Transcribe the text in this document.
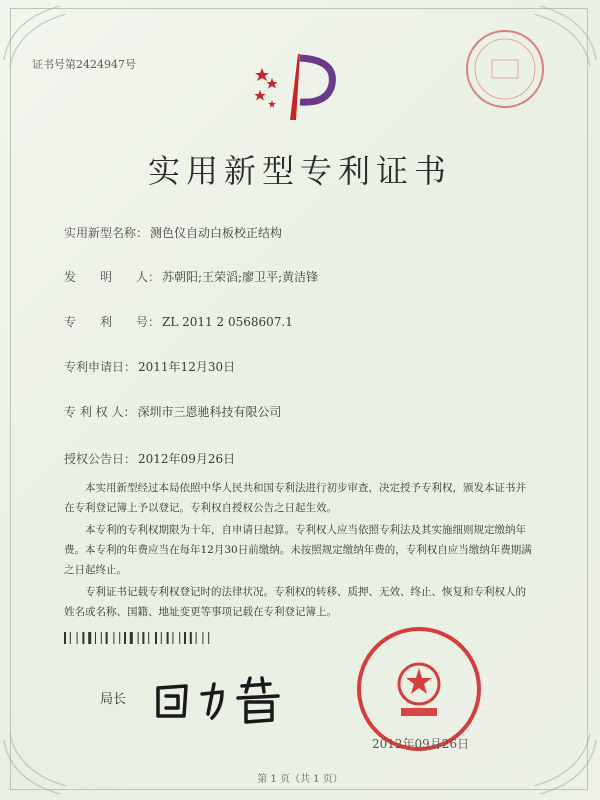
证书号第2424947号
实用新型专利证书
实用新型名称： 测色仪自动白板校正结构
发　　明　　人： 苏朝阳;王荣滔;廖卫平;黄洁锋
专　　利　　号： ZL 2011 2 0568607.1
专利申请日： 2011年12月30日
专 利 权 人： 深圳市三恩驰科技有限公司
授权公告日： 2012年09月26日

本实用新型经过本局依照中华人民共和国专利法进行初步审查，决定授予专利权，颁发本证书并在专利登记簿上予以登记。专利权自授权公告之日起生效。

本专利的专利权期限为十年，自申请日起算。专利权人应当依照专利法及其实施细则规定缴纳年费。本专利的年费应当在每年12月30日前缴纳。未按照规定缴纳年费的，专利权自应当缴纳年费期满之日起终止。

专利证书记载专利权登记时的法律状况。专利权的转移、质押、无效、终止、恢复和专利权人的姓名或名称、国籍、地址变更等事项记载在专利登记簿上。

局长
2012年09月26日
第 1 页（共 1 页）
